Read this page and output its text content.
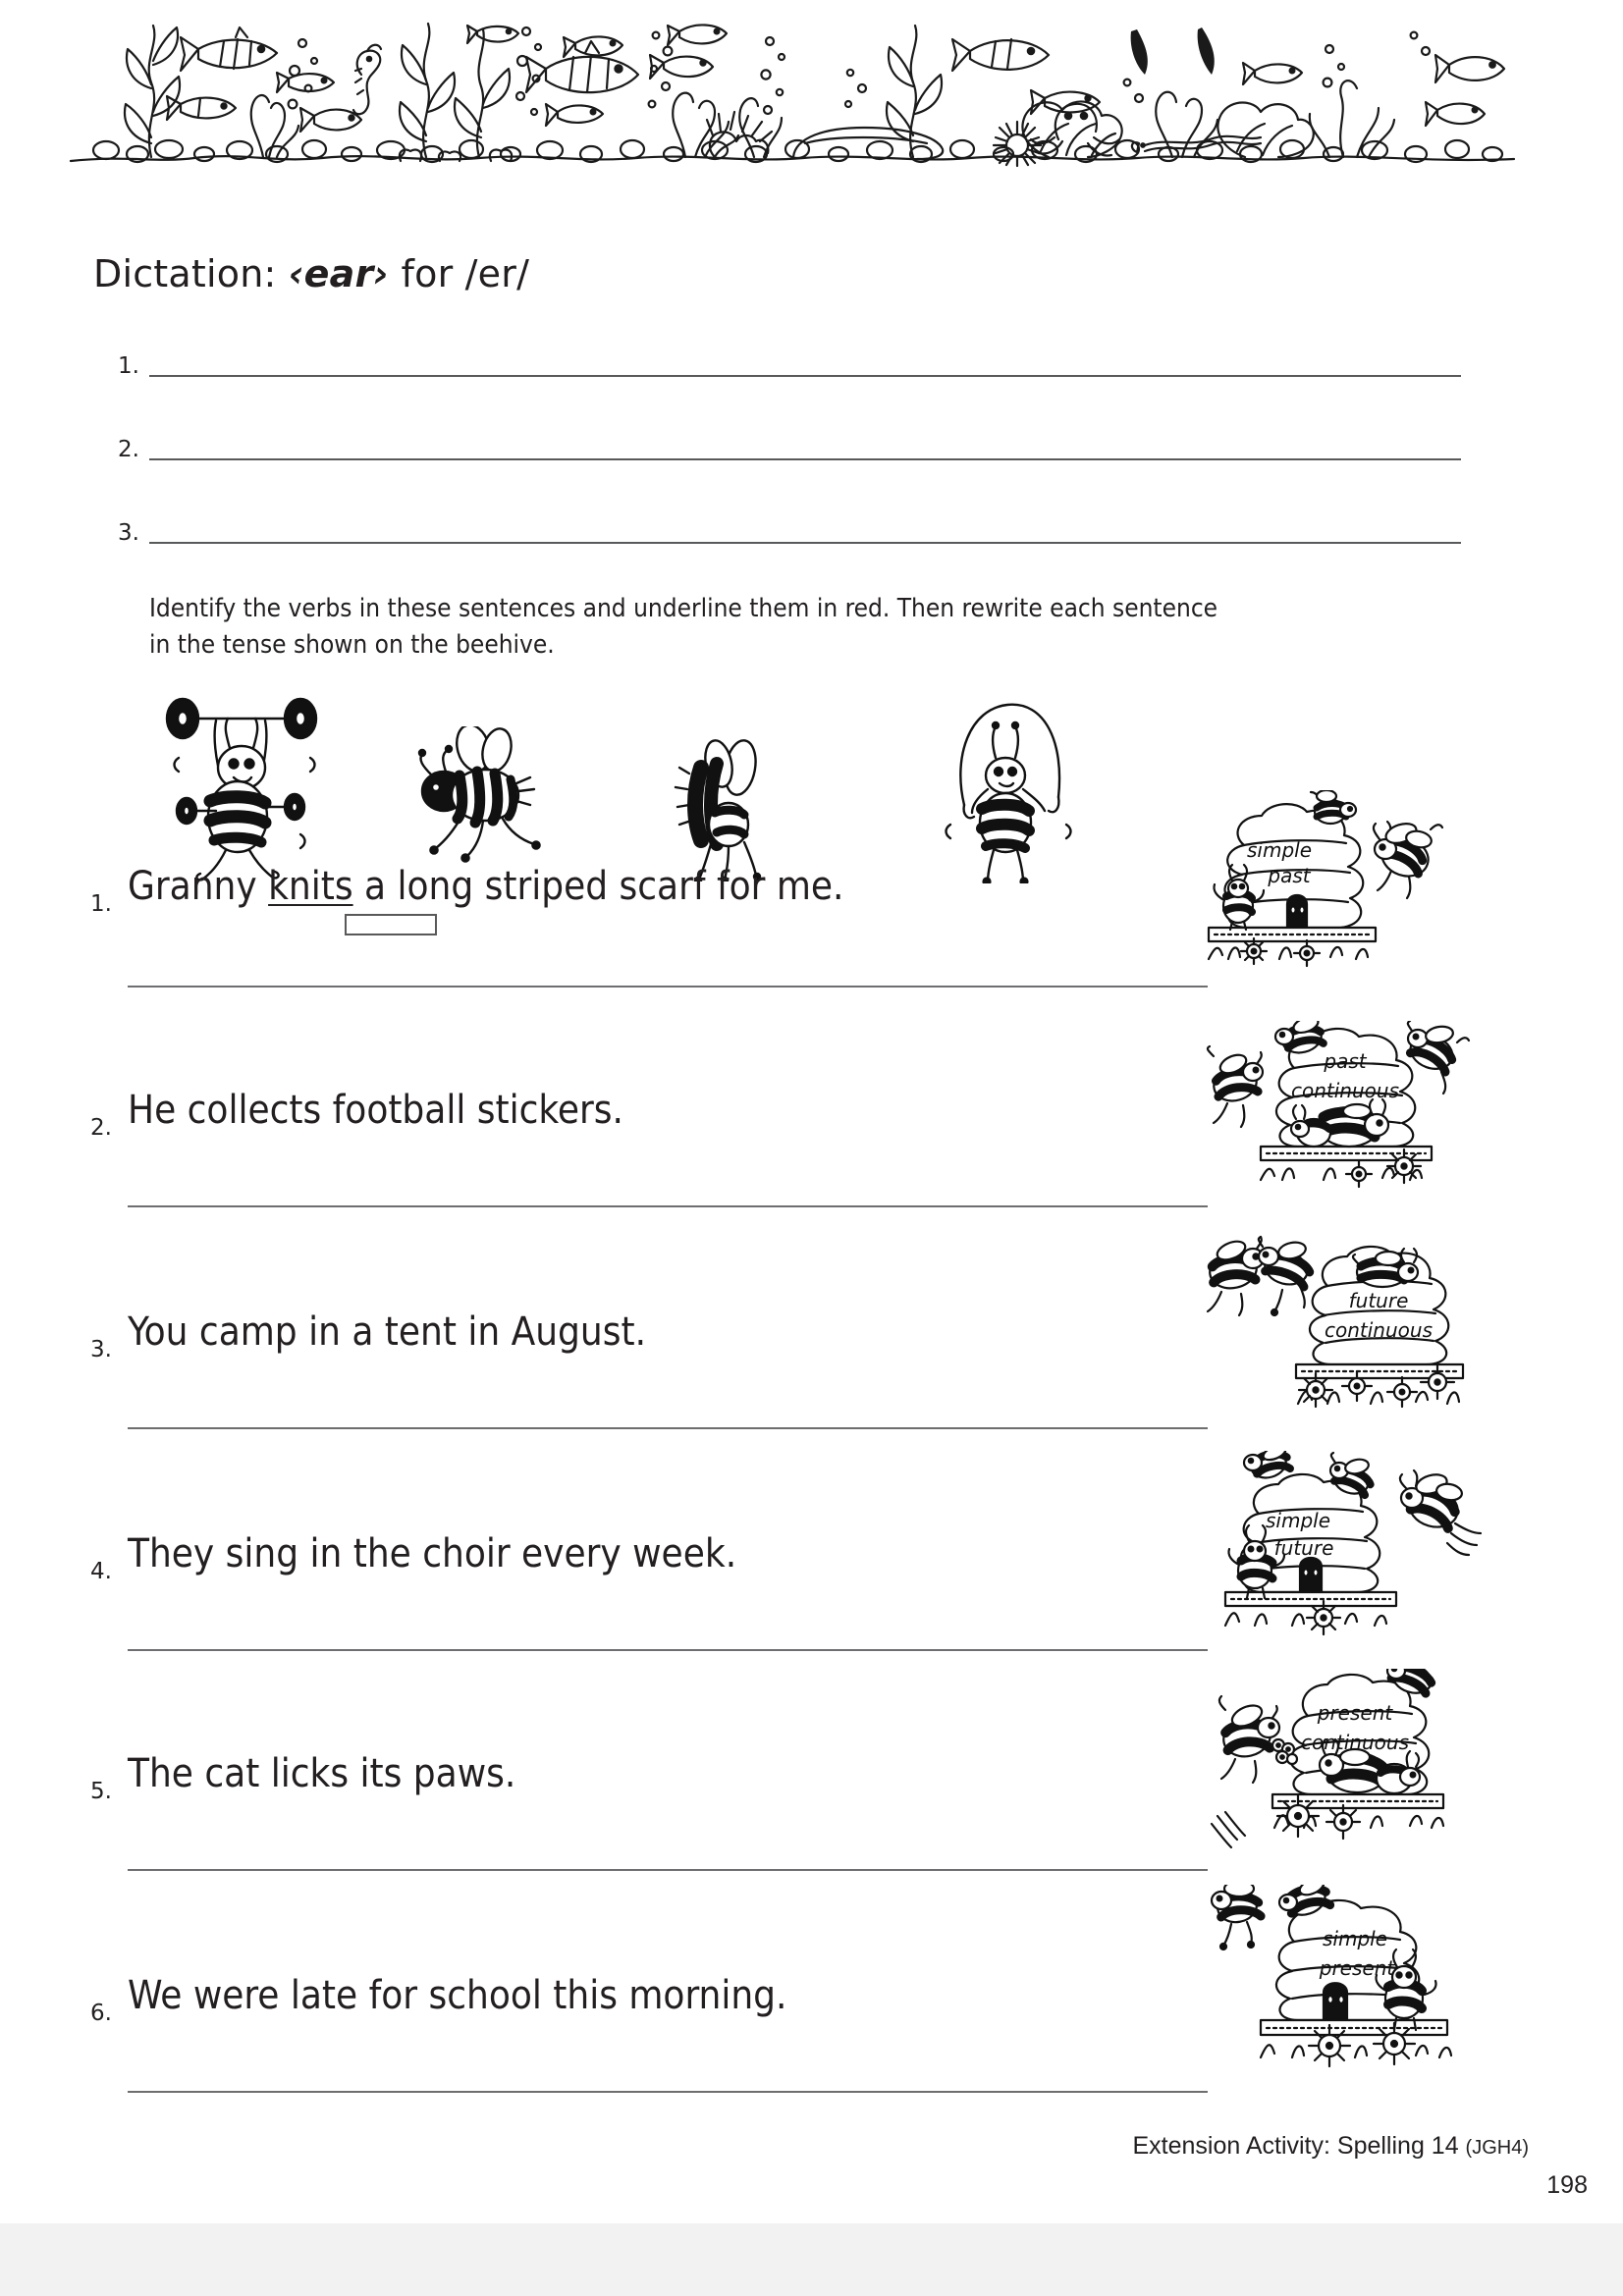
Dictation: ‹ear› for /er/
1.
2.
3.
Identify the verbs in these sentences and underline them in red. Then rewrite each sentence
in the tense shown on the beehive.
1. Granny knits a long striped scarf for me.
2. He collects football stickers.
3. You camp in a tent in August.
4. They sing in the choir every week.
5. The cat licks its paws.
6. We were late for school this morning.
simple
past
past
continuous
future
continuous
simple
future
present
continuous
simple
present
Extension Activity: Spelling 14 (JGH4)
198
